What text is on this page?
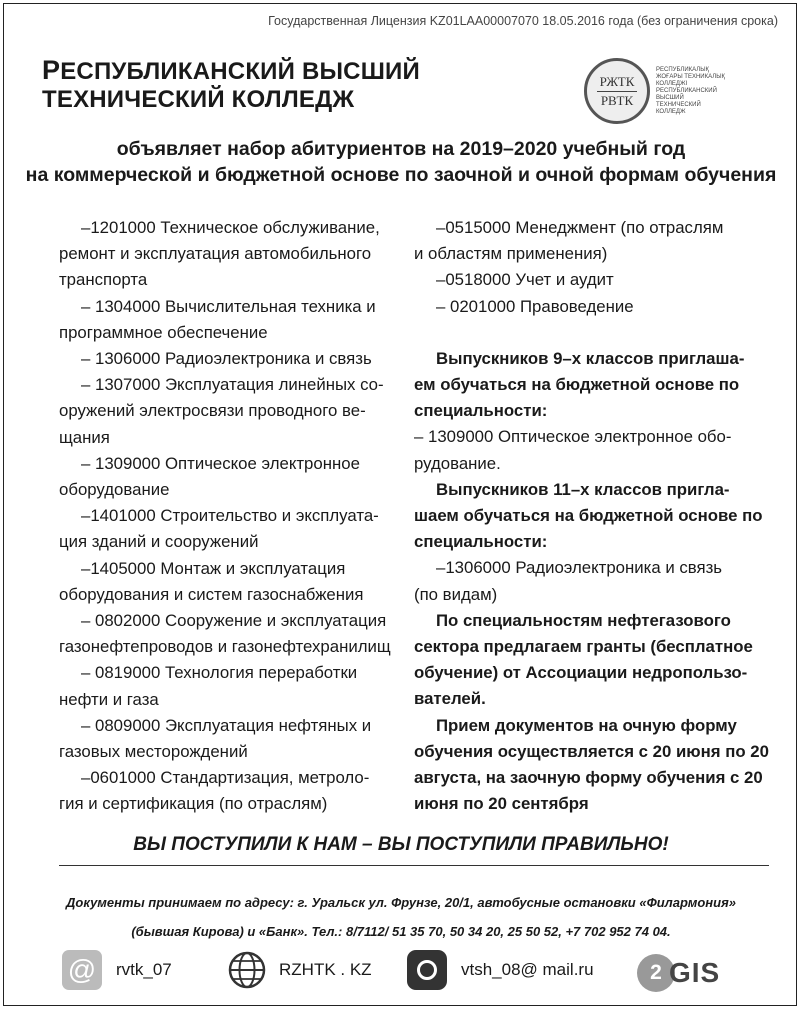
Государственная Лицензия KZ01LAA00007070 18.05.2016 года (без ограничения срока)
РЕСПУБЛИКАНСКИЙ ВЫСШИЙ
ТЕХНИЧЕСКИЙ КОЛЛЕДЖ
РЖТК
РВТК
РЕСПУБЛИКАЛЫҚ ЖОҒАРЫ ТЕХНИКАЛЫҚ КОЛЛЕДЖІ РЕСПУБЛИКАНСКИЙ ВЫСШИЙ ТЕХНИЧЕСКИЙ КОЛЛЕДЖ
объявляет набор абитуриентов на 2019–2020 учебный год
на коммерческой и бюджетной основе по заочной и очной формам обучения

–1201000 Техническое обслуживание,
ремонт и эксплуатация автомобильного транспорта

– 1304000 Вычислительная техника и
программное обеспечение

– 1306000 Радиоэлектроника и связь

– 1307000 Эксплуатация линейных со-
оружений электросвязи проводного ве-щания

– 1309000 Оптическое электронное
оборудование

–1401000 Строительство и эксплуата-
ция зданий и сооружений

–1405000 Монтаж и эксплуатация
оборудования и систем газоснабжения

– 0802000 Сооружение и эксплуатация
газонефтепроводов и газонефтехранилищ

– 0819000 Технология переработки
нефти и газа

– 0809000 Эксплуатация нефтяных и
газовых месторождений

–0601000 Стандартизация, метроло-
гия и сертификация (по отраслям)

–0515000 Менеджмент (по отраслям
и областям применения)

–0518000 Учет и аудит

– 0201000 Правоведение

Выпускников 9–х классов приглаша-
ем обучаться на бюджетной основе по специальности:

– 1309000 Оптическое электронное обо-рудование.

Выпускников 11–х классов пригла-
шаем обучаться на бюджетной основе по специальности:

–1306000 Радиоэлектроника и связь
(по видам)

По специальностям нефтегазового
сектора предлагаем гранты (бесплатное обучение) от Ассоциации недропользо-вателей.

Прием документов на очную форму
обучения осуществляется с 20 июня по 20 августа, на заочную форму обучения с 20 июня по 20 сентября

ВЫ ПОСТУПИЛИ К НАМ – ВЫ ПОСТУПИЛИ ПРАВИЛЬНО!
Документы принимаем по адресу: г. Уральск ул. Фрунзе, 20/1, автобусные остановки «Филармония»
(бывшая Кирова) и «Банк». Тел.: 8/7112/ 51 35 70, 50 34 20, 25 50 52, +7 702 952 74 04.
@	rvtk_07	RZHTK . KZ	vtsh_08@ mail.ru	2 GIS
